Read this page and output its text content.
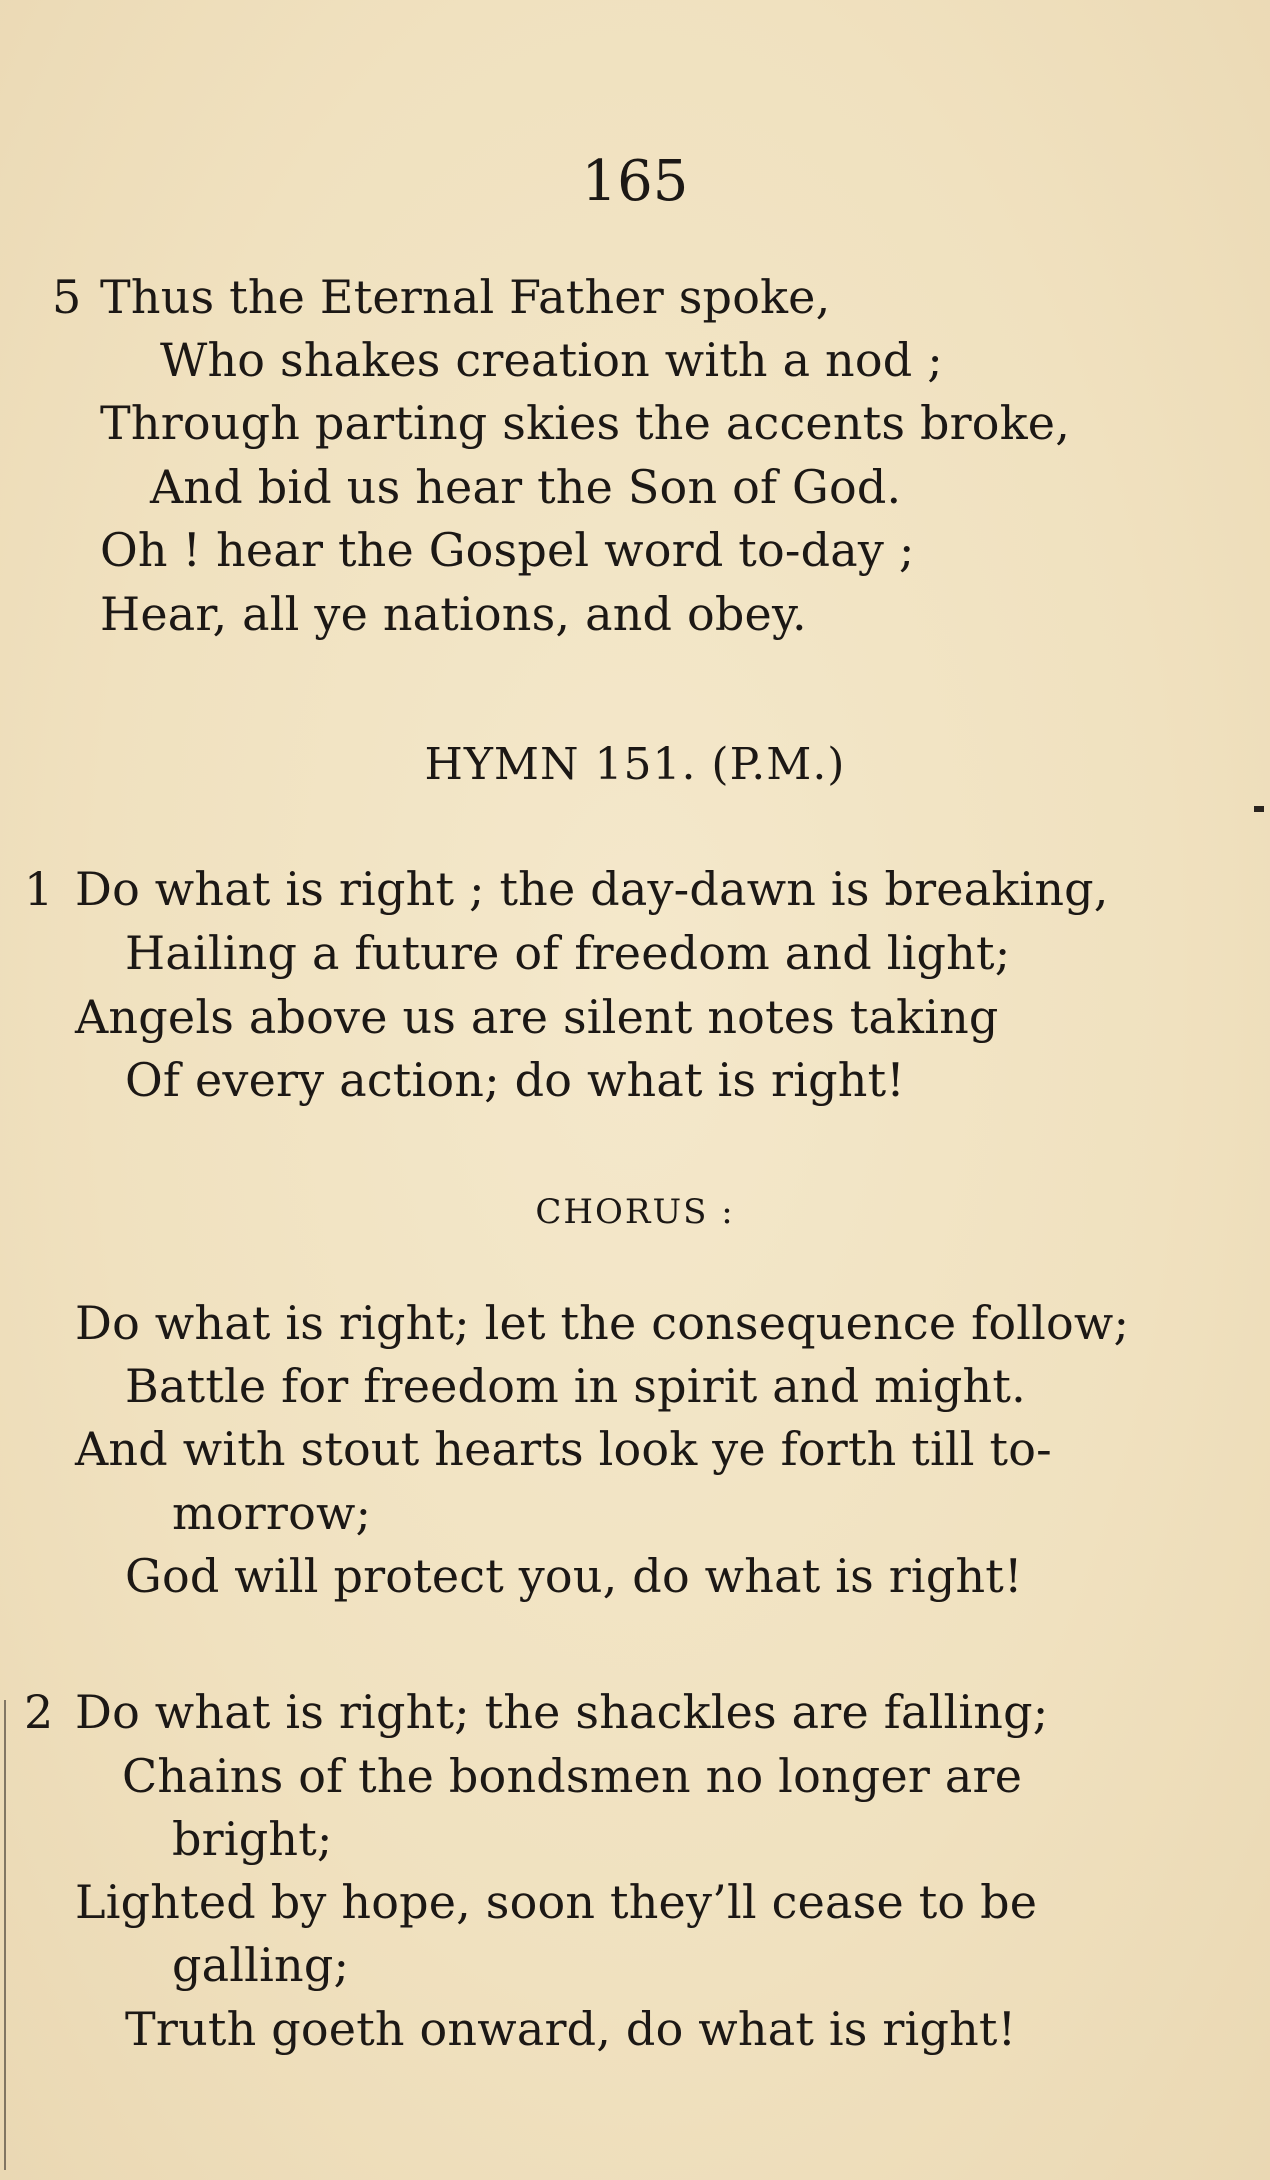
165
5 Thus the Eternal Father spoke,
Who shakes creation with a nod ;
Through parting skies the accents broke,
And bid us hear the Son of God.
Oh ! hear the Gospel word to-day ;
Hear, all ye nations, and obey.
HYMN 151. (P.M.)
1 Do what is right ; the day-dawn is breaking,
Hailing a future of freedom and light;
Angels above us are silent notes taking
Of every action; do what is right!
CHORUS :
Do what is right; let the consequence follow;
Battle for freedom in spirit and might.
And with stout hearts look ye forth till to-
morrow;
God will protect you, do what is right!
2 Do what is right; the shackles are falling;
Chains of the bondsmen no longer are
bright;
Lighted by hope, soon they’ll cease to be
galling;
Truth goeth onward, do what is right!
